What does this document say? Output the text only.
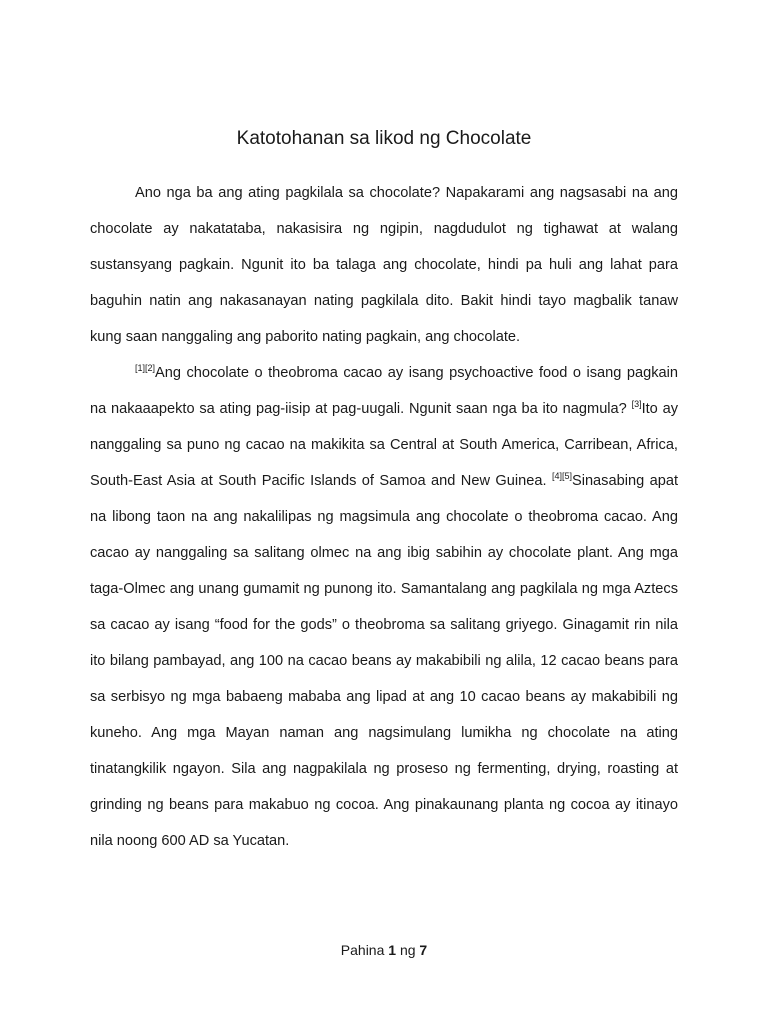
Katotohanan sa likod ng Chocolate

Ano nga ba ang ating pagkilala sa chocolate? Napakarami ang nagsasabi na ang chocolate ay nakatataba, nakasisira ng ngipin, nagdudulot ng tighawat at walang sustansyang pagkain. Ngunit ito ba talaga ang chocolate, hindi pa huli ang lahat para baguhin natin ang nakasanayan nating pagkilala dito. Bakit hindi tayo magbalik tanaw kung saan nanggaling ang paborito nating pagkain, ang chocolate.

[1][2]Ang chocolate o theobroma cacao ay isang psychoactive food o isang pagkain na nakaaapekto sa ating pag-iisip at pag-uugali. Ngunit saan nga ba ito nagmula? [3]Ito ay nanggaling sa puno ng cacao na makikita sa Central at South America, Carribean, Africa, South-East Asia at South Pacific Islands of Samoa and New Guinea. [4][5]Sinasabing apat na libong taon na ang nakalilipas ng magsimula ang chocolate o theobroma cacao. Ang cacao ay nanggaling sa salitang olmec na ang ibig sabihin ay chocolate plant. Ang mga taga-Olmec ang unang gumamit ng punong ito. Samantalang ang pagkilala ng mga Aztecs sa cacao ay isang “food for the gods” o theobroma sa salitang griyego. Ginagamit rin nila ito bilang pambayad, ang 100 na cacao beans ay makabibili ng alila, 12 cacao beans para sa serbisyo ng mga babaeng mababa ang lipad at ang 10 cacao beans ay makabibili ng kuneho. Ang mga Mayan naman ang nagsimulang lumikha ng chocolate na ating tinatangkilik ngayon. Sila ang nagpakilala ng proseso ng fermenting, drying, roasting at grinding ng beans para makabuo ng cocoa. Ang pinakaunang planta ng cocoa ay itinayo nila noong 600 AD sa Yucatan.

Pahina 1 ng 7
